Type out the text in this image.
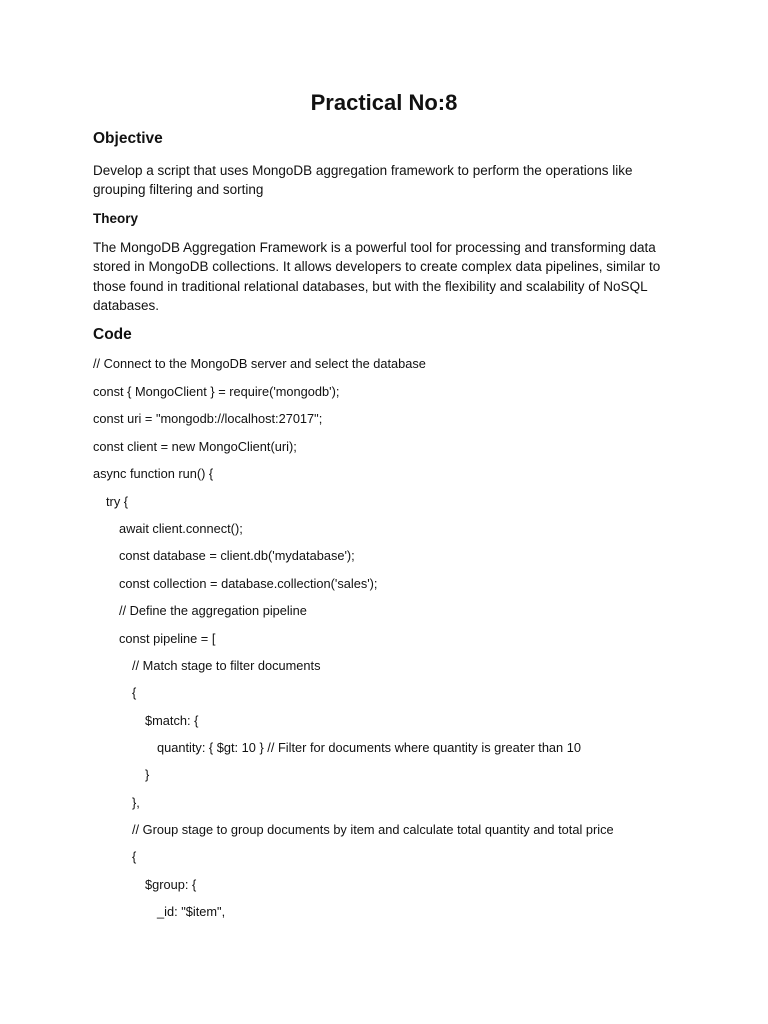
Practical No:8
Objective

Develop a script that uses MongoDB aggregation framework to perform the operations like grouping filtering and sorting

Theory

The MongoDB Aggregation Framework is a powerful tool for processing and transforming data stored in MongoDB collections. It allows developers to create complex data pipelines, similar to those found in traditional relational databases, but with the flexibility and scalability of NoSQL databases.

Code
// Connect to the MongoDB server and select the database
const { MongoClient } = require('mongodb');
const uri = "mongodb://localhost:27017";
const client = new MongoClient(uri);
async function run() {
try {
await client.connect();
const database = client.db('mydatabase');
const collection = database.collection('sales');
// Define the aggregation pipeline
const pipeline = [
// Match stage to filter documents
{
$match: {
quantity: { $gt: 10 } // Filter for documents where quantity is greater than 10
}
},
// Group stage to group documents by item and calculate total quantity and total price
{
$group: {
_id: "$item",
